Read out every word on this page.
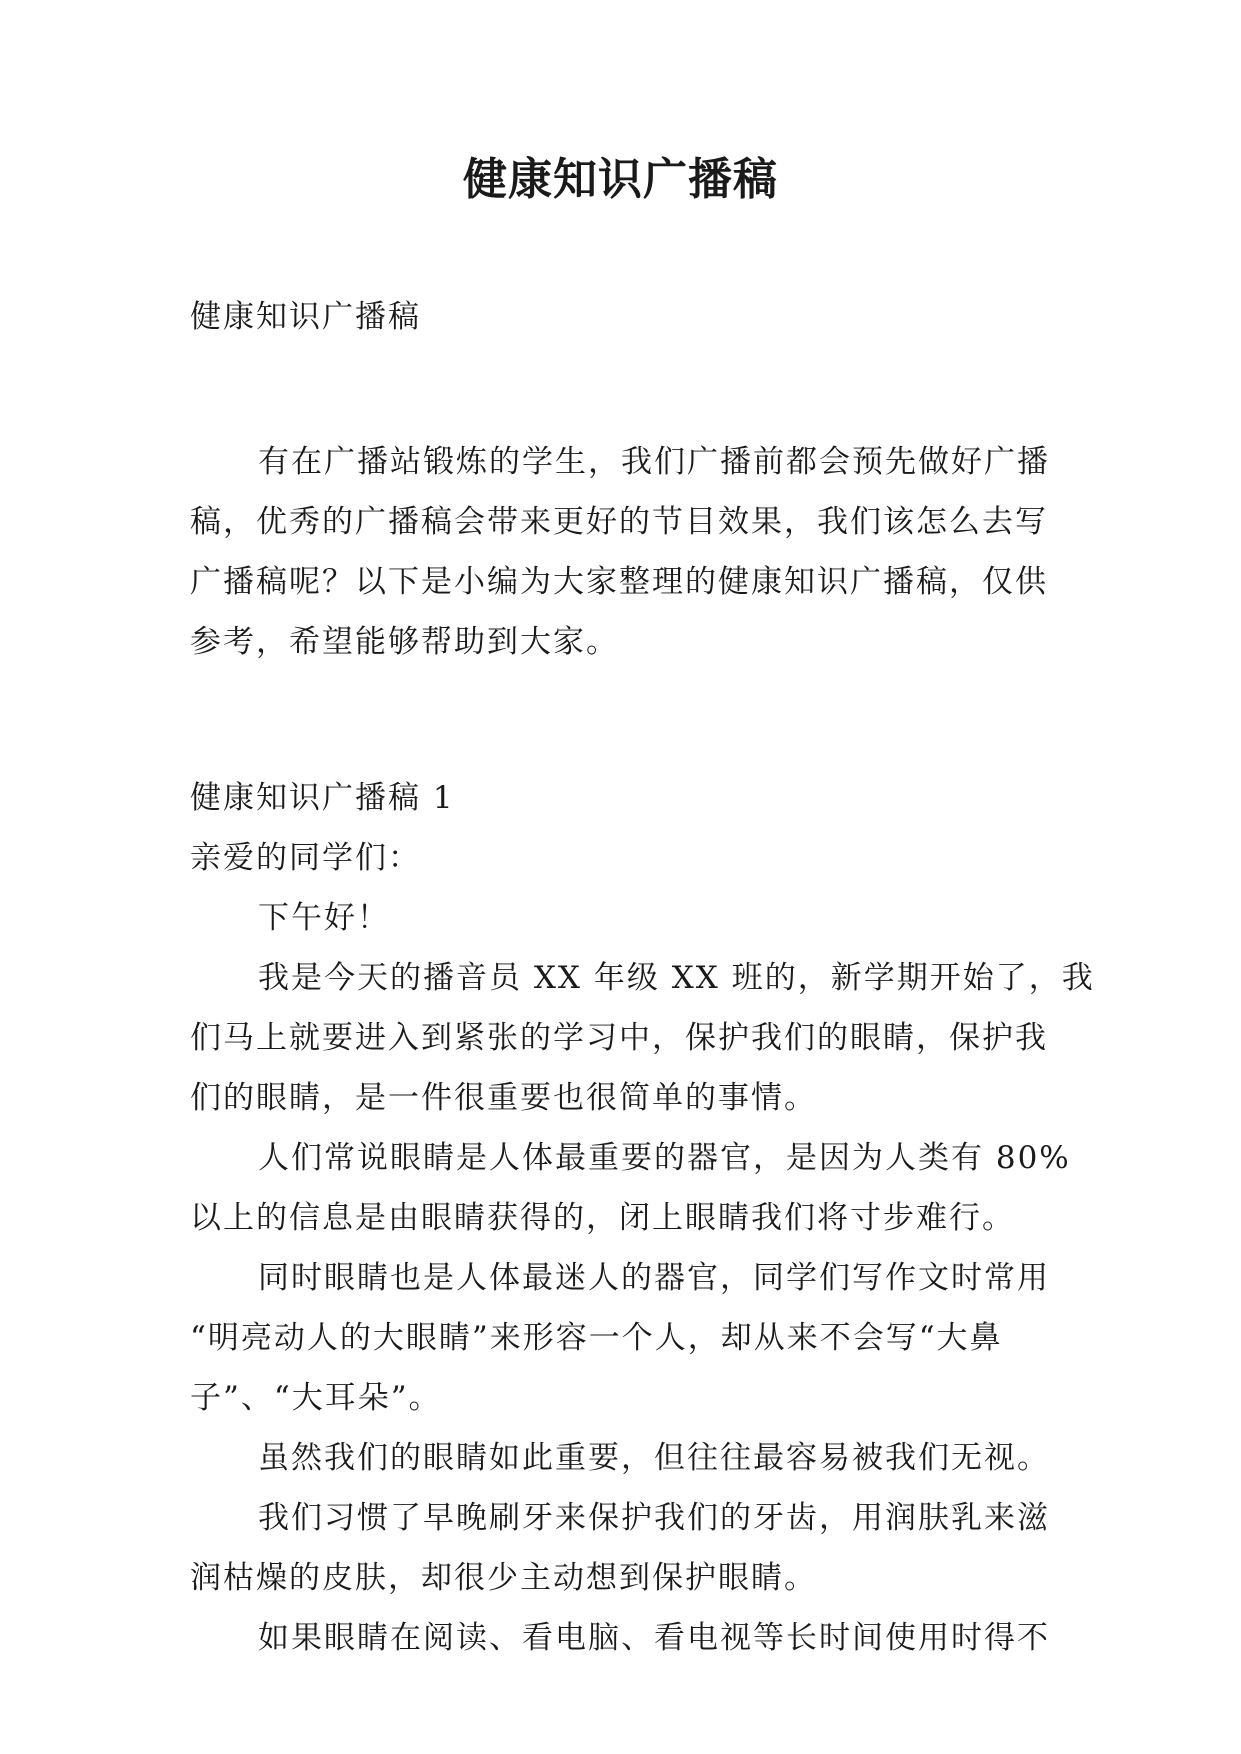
健康知识广播稿
健康知识广播稿
有在广播站锻炼的学生，我们广播前都会预先做好广播
稿，优秀的广播稿会带来更好的节目效果，我们该怎么去写
广播稿呢？以下是小编为大家整理的健康知识广播稿，仅供
参考，希望能够帮助到大家。
健康知识广播稿 1
亲爱的同学们：
下午好！
我是今天的播音员 XX 年级 XX 班的，新学期开始了，我
们马上就要进入到紧张的学习中，保护我们的眼睛，保护我
们的眼睛，是一件很重要也很简单的事情。
人们常说眼睛是人体最重要的器官，是因为人类有 80%
以上的信息是由眼睛获得的，闭上眼睛我们将寸步难行。
同时眼睛也是人体最迷人的器官，同学们写作文时常用
“明亮动人的大眼睛”来形容一个人，却从来不会写“大鼻
子”、“大耳朵”。
虽然我们的眼睛如此重要，但往往最容易被我们无视。
我们习惯了早晚刷牙来保护我们的牙齿，用润肤乳来滋
润枯燥的皮肤，却很少主动想到保护眼睛。
如果眼睛在阅读、看电脑、看电视等长时间使用时得不
